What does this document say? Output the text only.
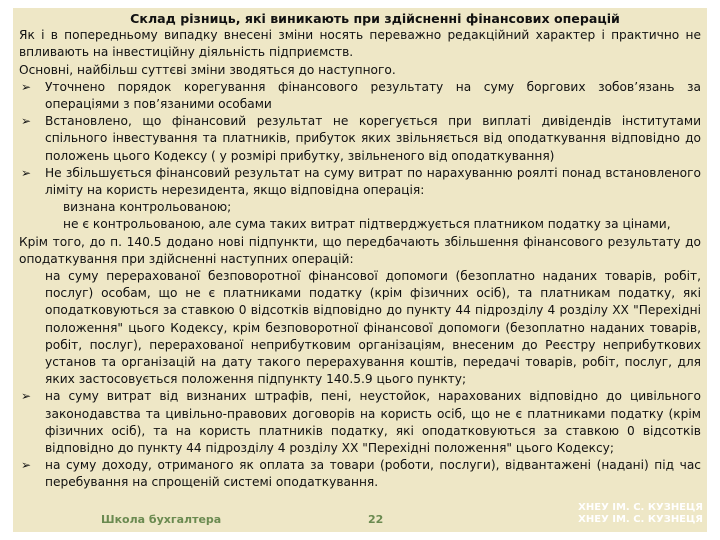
Склад різниць, які виникають при здійсненні фінансових операцій

Як і в попередньому випадку внесені зміни носять переважно редакційний характер і практично не впливають на інвестиційну діяльність підприємств.

Основні, найбільш суттєві зміни зводяться до наступного.

➢ Уточнено порядок корегування фінансового результату на суму боргових зобов’язань за операціями з пов’язаними особами
➢ Встановлено, що фінансовий результат не корегується при виплаті дивідендів інститутами спільного інвестування та платників, прибуток яких звільняється від оподаткування відповідно до положень цього Кодексу ( у розмірі прибутку, звільненого від оподаткування)
➢ Не збільшується фінансовий результат на суму витрат по нарахуванню роялті понад встановленого ліміту на користь нерезидента, якщо відповідна операція:
визнана контрольованою;
не є контрольованою, але сума таких витрат підтверджується платником податку за цінами,

Крім того, до п. 140.5 додано нові підпункти, що передбачають збільшення фінансового результату до оподаткування при здійсненні наступних операцій:

на суму перерахованої безповоротної фінансової допомоги (безоплатно наданих товарів, робіт, послуг) особам, що не є платниками податку (крім фізичних осіб), та платникам податку, які оподатковуються за ставкою 0 відсотків відповідно до пункту 44 підрозділу 4 розділу XX "Перехідні положення" цього Кодексу, крім безповоротної фінансової допомоги (безоплатно наданих товарів, робіт, послуг), перерахованої неприбутковим організаціям, внесеним до Реєстру неприбуткових установ та організацій на дату такого перерахування коштів, передачі товарів, робіт, послуг, для яких застосовується положення підпункту 140.5.9 цього пункту;
➢ на суму витрат від визнаних штрафів, пені, неустойок, нарахованих відповідно до цивільного законодавства та цивільно-правових договорів на користь осіб, що не є платниками податку (крім фізичних осіб), та на користь платників податку, які оподатковуються за ставкою 0 відсотків відповідно до пункту 44 підрозділу 4 розділу XX "Перехідні положення" цього Кодексу;
➢ на суму доходу, отриманого як оплата за товари (роботи, послуги), відвантажені (надані) під час перебування на спрощеній системі оподаткування.
Школа бухгалтера	22
ХНЕУ ІМ. С. КУЗНЕЦЯ
ХНЕУ ІМ. С. КУЗНЕЦЯ
